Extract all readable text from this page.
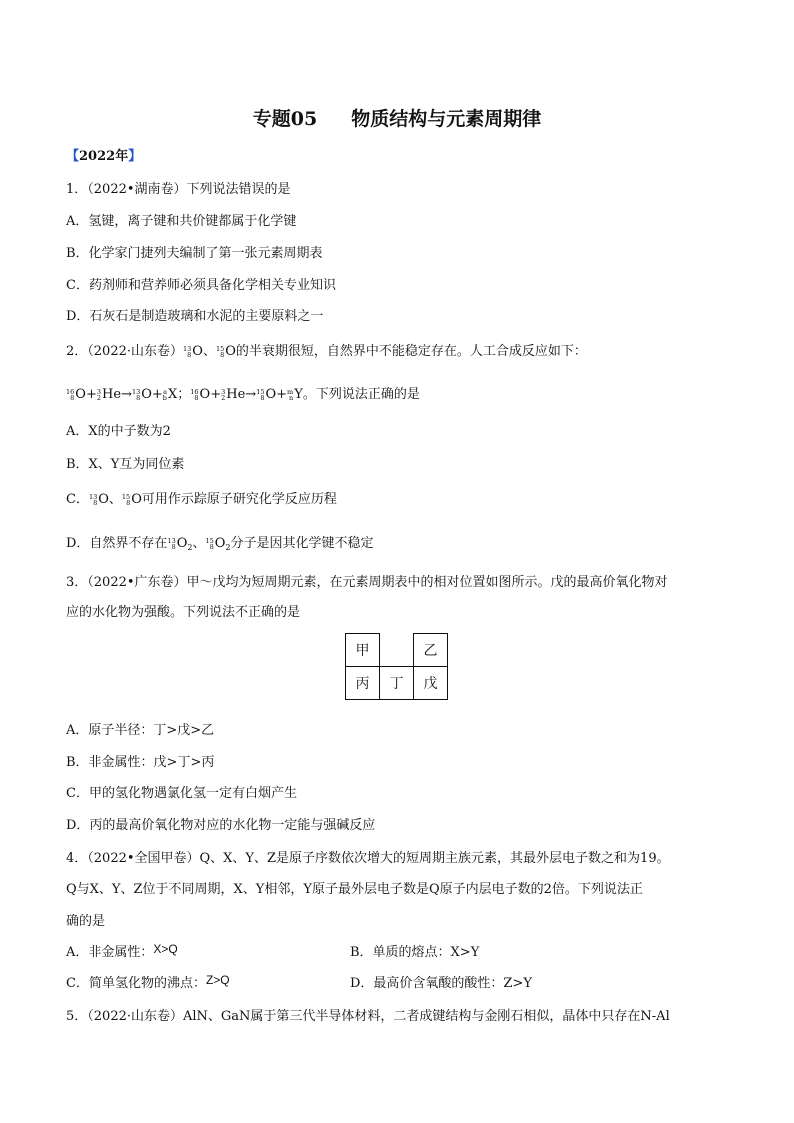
专题05 物质结构与元素周期律
【2022年】
1．（2022•湖南卷）下列说法错误的是
A．氢键，离子键和共价键都属于化学键
B．化学家门捷列夫编制了第一张元素周期表
C．药剂师和营养师必须具备化学相关专业知识
D．石灰石是制造玻璃和水泥的主要原料之一
2．（2022·山东卷） 13
8 O、 15
8 O的半衰期很短，自然界中不能稳定存在。人工合成反应如下：
16
8 O+ 3
2 He→ 13
8 O+ a
b X； 16
8 O+ 3
2 He→ 15
8 O+ m
n Y。下列说法正确的是
A．X的中子数为2
B．X、Y互为同位素
C． 13
8 O、 15
8 O可用作示踪原子研究化学反应历程
D．自然界不存在 13
8 $O_2$、 15
8 $O_2$分子是因其化学键不稳定
3．（2022•广东卷）甲～戊均为短周期元素，在元素周期表中的相对位置如图所示。戊的最高价氧化物对
应的水化物为强酸。下列说法不正确的是
甲		乙
丙	丁	戊
A．原子半径：丁>戊>乙
B．非金属性：戊>丁>丙
C．甲的氢化物遇氯化氢一定有白烟产生
D．丙的最高价氧化物对应的水化物一定能与强碱反应
4．（2022•全国甲卷）Q、X、Y、Z是原子序数依次增大的短周期主族元素，其最外层电子数之和为19。
Q与X、Y、Z位于不同周期，X、Y相邻，Y原子最外层电子数是Q原子内层电子数的2倍。下列说法正
确的是
A．非金属性：X>Q	B．单质的熔点：X>Y
C．简单氢化物的沸点：Z>Q	D．最高价含氧酸的酸性：Z>Y
5．（2022·山东卷）AlN、GaN属于第三代半导体材料，二者成键结构与金刚石相似，晶体中只存在N-Al
